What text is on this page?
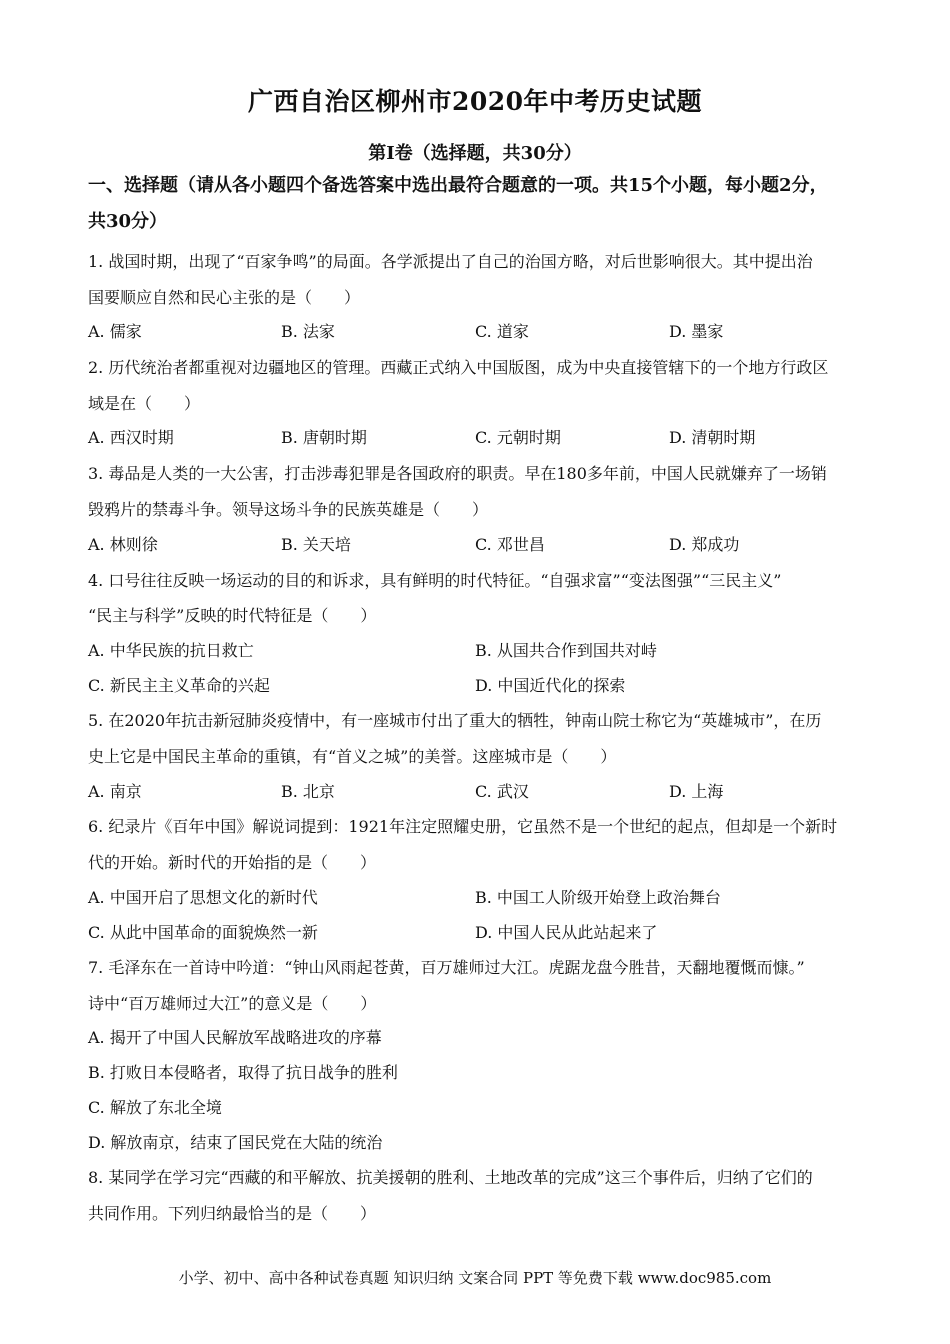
广西自治区柳州市2020年中考历史试题
第Ⅰ卷（选择题，共30分）
一、选择题（请从各小题四个备选答案中选出最符合题意的一项。共15个小题，每小题2分，
共30分）
1. 战国时期，出现了“百家争鸣”的局面。各学派提出了自己的治国方略，对后世影响很大。其中提出治
国要顺应自然和民心主张的是（　　）
A. 儒家	B. 法家	C. 道家	D. 墨家
2. 历代统治者都重视对边疆地区的管理。西藏正式纳入中国版图，成为中央直接管辖下的一个地方行政区
域是在（　　）
A. 西汉时期	B. 唐朝时期	C. 元朝时期	D. 清朝时期
3. 毒品是人类的一大公害，打击涉毒犯罪是各国政府的职责。早在180多年前，中国人民就嫌弃了一场销
毁鸦片的禁毒斗争。领导这场斗争的民族英雄是（　　）
A. 林则徐	B. 关天培	C. 邓世昌	D. 郑成功
4. 口号往往反映一场运动的目的和诉求，具有鲜明的时代特征。“自强求富”“变法图强”“三民主义”
“民主与科学”反映的时代特征是（　　）
A. 中华民族的抗日救亡	B. 从国共合作到国共对峙
C. 新民主主义革命的兴起	D. 中国近代化的探索
5. 在2020年抗击新冠肺炎疫情中，有一座城市付出了重大的牺牲，钟南山院士称它为“英雄城市”，在历
史上它是中国民主革命的重镇，有“首义之城”的美誉。这座城市是（　　）
A. 南京	B. 北京	C. 武汉	D. 上海
6. 纪录片《百年中国》解说词提到：1921年注定照耀史册，它虽然不是一个世纪的起点，但却是一个新时
代的开始。新时代的开始指的是（　　）
A. 中国开启了思想文化的新时代	B. 中国工人阶级开始登上政治舞台
C. 从此中国革命的面貌焕然一新	D. 中国人民从此站起来了
7. 毛泽东在一首诗中吟道：“钟山风雨起苍黄，百万雄师过大江。虎踞龙盘今胜昔，天翻地覆慨而慷。”
诗中“百万雄师过大江”的意义是（　　）
A. 揭开了中国人民解放军战略进攻的序幕
B. 打败日本侵略者，取得了抗日战争的胜利
C. 解放了东北全境
D. 解放南京，结束了国民党在大陆的统治
8. 某同学在学习完“西藏的和平解放、抗美援朝的胜利、土地改革的完成”这三个事件后，归纳了它们的
共同作用。下列归纳最恰当的是（　　）
小学、初中、高中各种试卷真题 知识归纳 文案合同 PPT 等免费下载 www.doc985.com
